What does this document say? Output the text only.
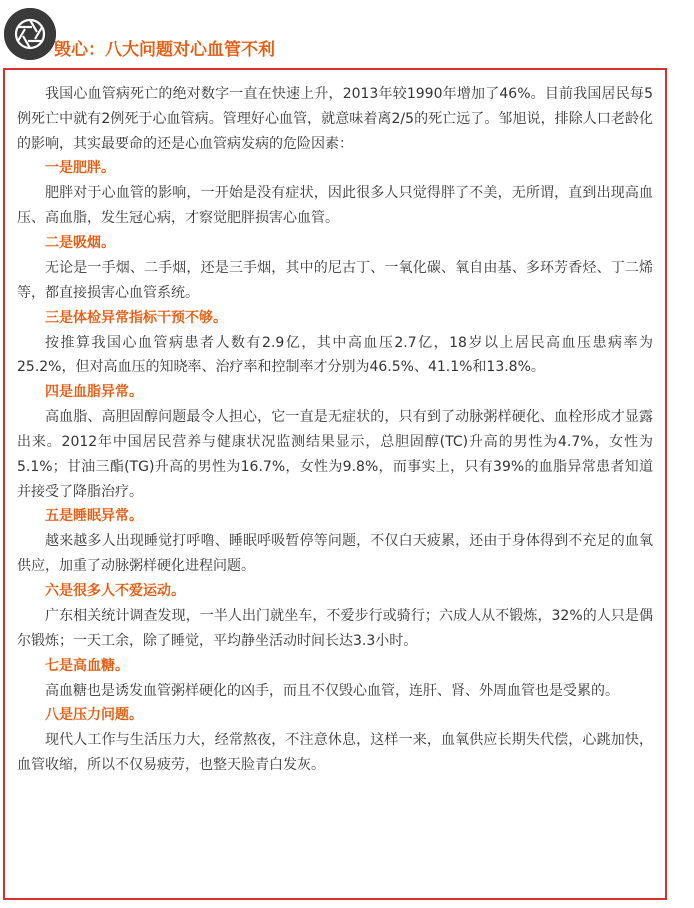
毁心：八大问题对心血管不利

我国心血管病死亡的绝对数字一直在快速上升，2013年较1990年增加了46%。目前我国居民每5例死亡中就有2例死于心血管病。管理好心血管，就意味着离2/5的死亡远了。邹旭说，排除人口老龄化的影响，其实最要命的还是心血管病发病的危险因素：

一是肥胖。

肥胖对于心血管的影响，一开始是没有症状，因此很多人只觉得胖了不美，无所谓，直到出现高血压、高血脂，发生冠心病，才察觉肥胖损害心血管。

二是吸烟。

无论是一手烟、二手烟，还是三手烟，其中的尼古丁、一氧化碳、氧自由基、多环芳香烃、丁二烯等，都直接损害心血管系统。

三是体检异常指标干预不够。

按推算我国心血管病患者人数有2.9亿，其中高血压2.7亿，18岁以上居民高血压患病率为25.2%，但对高血压的知晓率、治疗率和控制率才分别为46.5%、41.1%和13.8%。

四是血脂异常。

高血脂、高胆固醇问题最令人担心，它一直是无症状的，只有到了动脉粥样硬化、血栓形成才显露出来。2012年中国居民营养与健康状况监测结果显示，总胆固醇(TC)升高的男性为4.7%，女性为5.1%；甘油三酯(TG)升高的男性为16.7%，女性为9.8%，而事实上，只有39%的血脂异常患者知道并接受了降脂治疗。

五是睡眠异常。

越来越多人出现睡觉打呼噜、睡眠呼吸暂停等问题，不仅白天疲累，还由于身体得到不充足的血氧供应，加重了动脉粥样硬化进程问题。

六是很多人不爱运动。

广东相关统计调查发现，一半人出门就坐车，不爱步行或骑行；六成人从不锻炼，32%的人只是偶尔锻炼；一天工余，除了睡觉，平均静坐活动时间长达3.3小时。

七是高血糖。

高血糖也是诱发血管粥样硬化的凶手，而且不仅毁心血管，连肝、肾、外周血管也是受累的。

八是压力问题。

现代人工作与生活压力大，经常熬夜，不注意休息，这样一来，血氧供应长期失代偿，心跳加快，血管收缩，所以不仅易疲劳，也整天脸青白发灰。
